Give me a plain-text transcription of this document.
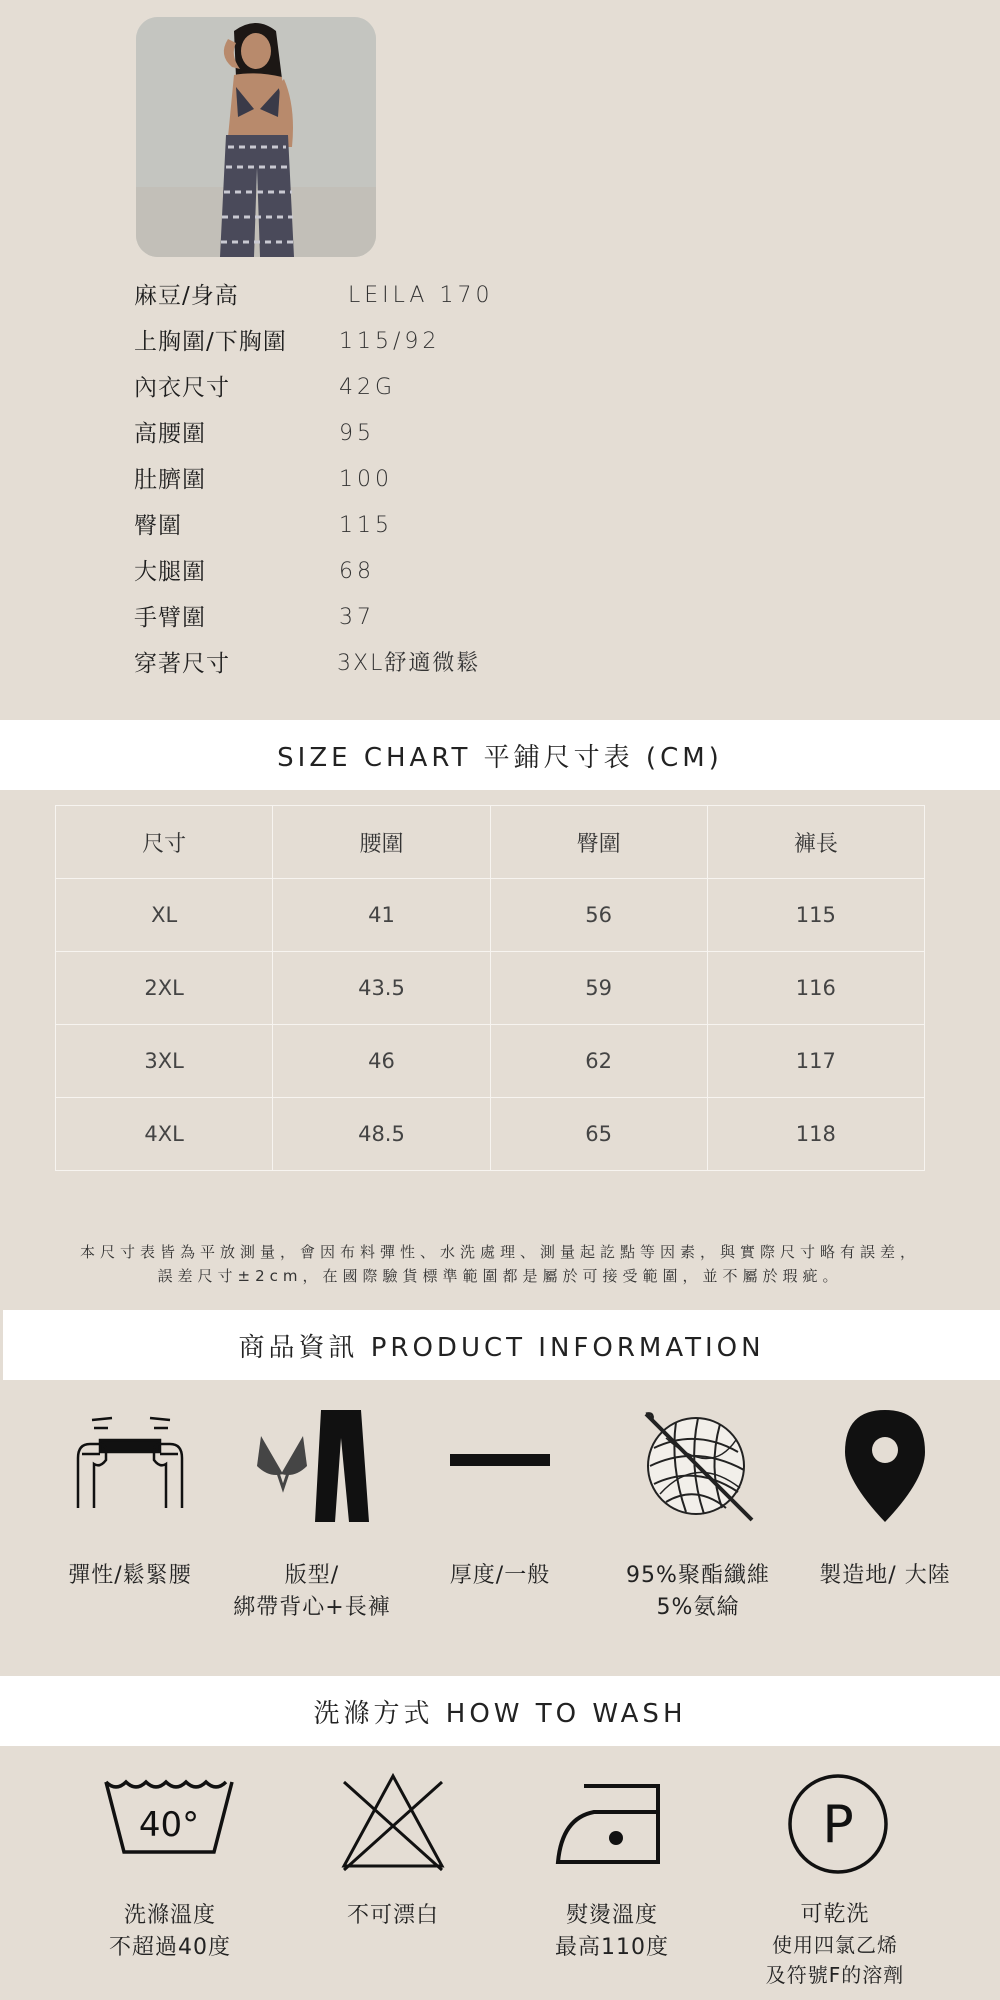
麻豆/身高	LEILA 170
上胸圍/下胸圍 115/92
內衣尺寸	42G
高腰圍	95
肚臍圍	100
臀圍	115
大腿圍	68
手臂圍	37
穿著尺寸	3XL舒適微鬆
SIZE CHART 平鋪尺寸表 (CM)
尺寸	腰圍	臀圍	褲長
XL	41	56	115
2XL	43.5	59	116
3XL	46	62	117
4XL	48.5	65	118
本尺寸表皆為平放測量，會因布料彈性、水洗處理、測量起訖點等因素，與實際尺寸略有誤差，
誤差尺寸±2cm，在國際驗貨標準範圍都是屬於可接受範圍，並不屬於瑕疵。
商品資訊 PRODUCT INFORMATION
彈性/鬆緊腰	版型/
綁帶背心+長褲
厚度/一般	95%聚酯纖維
5%氨綸
製造地/ 大陸
洗滌方式 HOW TO WASH
40°	P
洗滌溫度
不超過40度
不可漂白	熨燙溫度
最高110度
可乾洗
使用四氯乙烯
及符號F的溶劑
